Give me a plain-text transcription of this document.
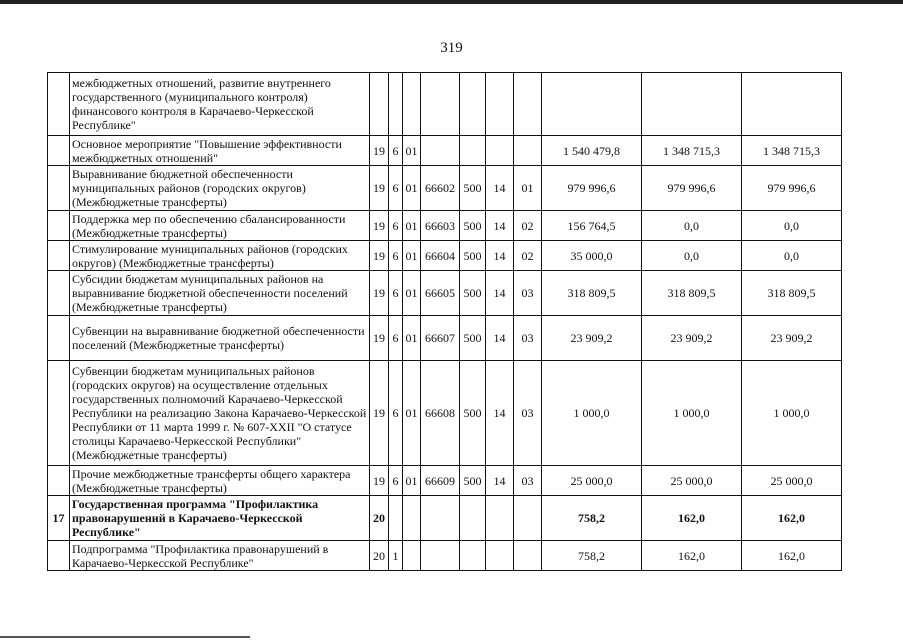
319
	межбюджетных отношений, развитие внутреннего государственного (муниципального контроля) финансового контроля в Карачаево-Черкесской Республике"										
	Основное мероприятие "Повышение эффективности межбюджетных отношений"	19	6	01					1 540 479,8	1 348 715,3	1 348 715,3
	Выравнивание бюджетной обеспеченности муниципальных районов (городских округов) (Межбюджетные трансферты)	19	6	01	66602	500	14	01	979 996,6	979 996,6	979 996,6
	Поддержка мер по обеспечению сбалансированности (Межбюджетные трансферты)	19	6	01	66603	500	14	02	156 764,5	0,0	0,0
	Стимулирование муниципальных районов (городских округов) (Межбюджетные трансферты)	19	6	01	66604	500	14	02	35 000,0	0,0	0,0
	Субсидии бюджетам муниципальных районов на выравнивание бюджетной обеспеченности поселений (Межбюджетные трансферты)	19	6	01	66605	500	14	03	318 809,5	318 809,5	318 809,5
	Субвенции на выравнивание бюджетной обеспеченности поселений (Межбюджетные трансферты)	19	6	01	66607	500	14	03	23 909,2	23 909,2	23 909,2
	Субвенции бюджетам муниципальных районов (городских округов) на осуществление отдельных государственных полномочий Карачаево-Черкесской Республики на реализацию Закона Карачаево-Черкесской Республики от 11 марта 1999 г. № 607-XXII "О статусе столицы Карачаево-Черкесской Республики" (Межбюджетные трансферты)	19	6	01	66608	500	14	03	1 000,0	1 000,0	1 000,0
	Прочие межбюджетные трансферты общего характера (Межбюджетные трансферты)	19	6	01	66609	500	14	03	25 000,0	25 000,0	25 000,0
17	Государственная программа "Профилактика правонарушений в Карачаево-Черкесской Республике"	20							758,2	162,0	162,0
	Подпрограмма "Профилактика правонарушений в Карачаево-Черкесской Республике"	20	1						758,2	162,0	162,0
